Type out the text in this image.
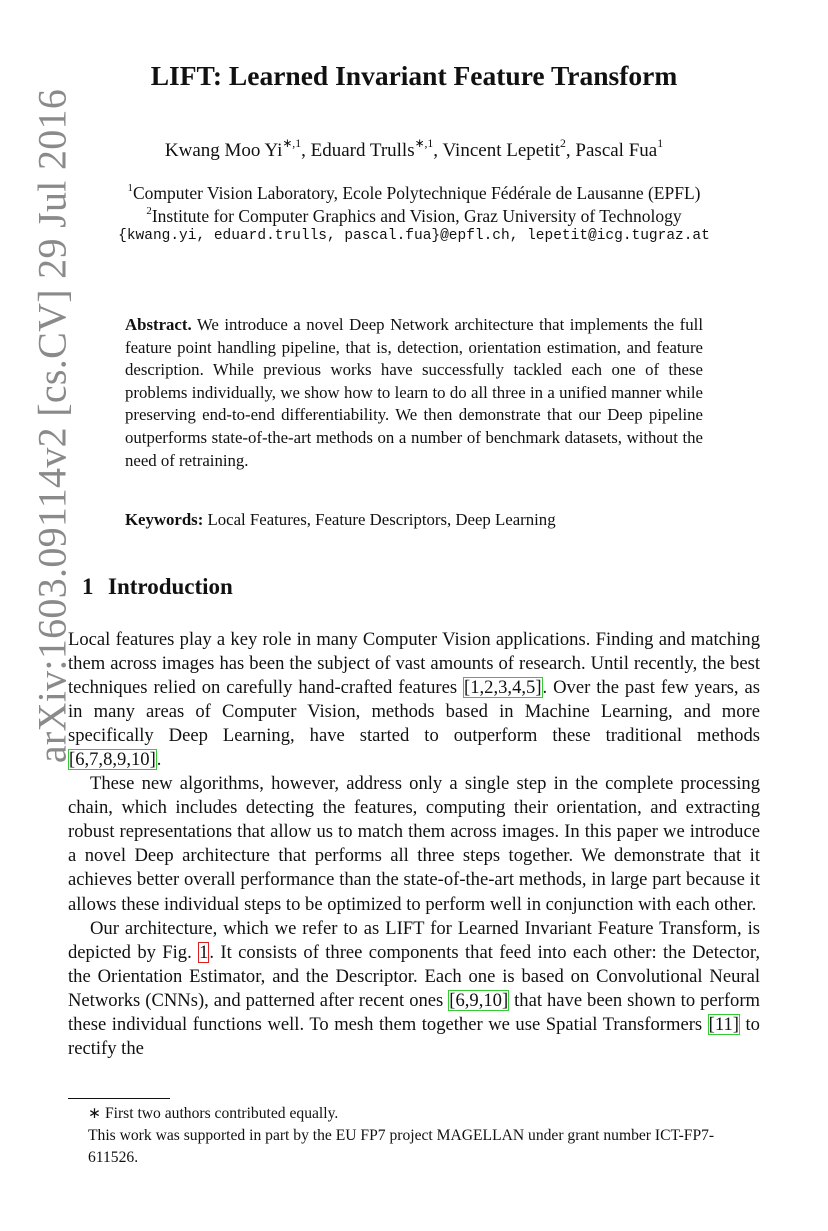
arXiv:1603.09114v2 [cs.CV] 29 Jul 2016
LIFT: Learned Invariant Feature Transform
Kwang Moo $Yi^{∗,1}$, Eduard Trulls$^{∗,1}$, Vincent Lepetit$^2$, Pascal Fua$^1$
$^1$Computer Vision Laboratory, Ecole Polytechnique Fédérale de Lausanne (EPFL)
$^2$Institute for Computer Graphics and Vision, Graz University of Technology
{kwang.yi, eduard.trulls, pascal.fua}@epfl.ch, lepetit@icg.tugraz.at
Abstract. We introduce a novel Deep Network architecture that implements the full feature point handling pipeline, that is, detection, orientation estimation, and feature description. While previous works have successfully tackled each one of these problems individually, we show how to learn to do all three in a unified manner while preserving end-to-end differentiability. We then demonstrate that our Deep pipeline outperforms state-of-the-art methods on a number of benchmark datasets, without the need of retraining.
Keywords: Local Features, Feature Descriptors, Deep Learning
1 Introduction

Local features play a key role in many Computer Vision applications. Finding and matching them across images has been the subject of vast amounts of research. Until recently, the best techniques relied on carefully hand-crafted features [1,2,3,4,5]. Over the past few years, as in many areas of Computer Vision, methods based in Machine Learning, and more specifically Deep Learning, have started to outperform these traditional methods [6,7,8,9,10].

These new algorithms, however, address only a single step in the complete processing chain, which includes detecting the features, computing their orientation, and extracting robust representations that allow us to match them across images. In this paper we introduce a novel Deep architecture that performs all three steps together. We demonstrate that it achieves better overall performance than the state-of-the-art methods, in large part because it allows these individual steps to be optimized to perform well in conjunction with each other.

Our architecture, which we refer to as LIFT for Learned Invariant Feature Transform, is depicted by Fig. 1. It consists of three components that feed into each other: the Detector, the Orientation Estimator, and the Descriptor. Each one is based on Convolutional Neural Networks (CNNs), and patterned after recent ones [6,9,10] that have been shown to perform these individual functions well. To mesh them together we use Spatial Transformers [11] to rectify the

∗ First two authors contributed equally.

This work was supported in part by the EU FP7 project MAGELLAN under grant number ICT-FP7-611526.
